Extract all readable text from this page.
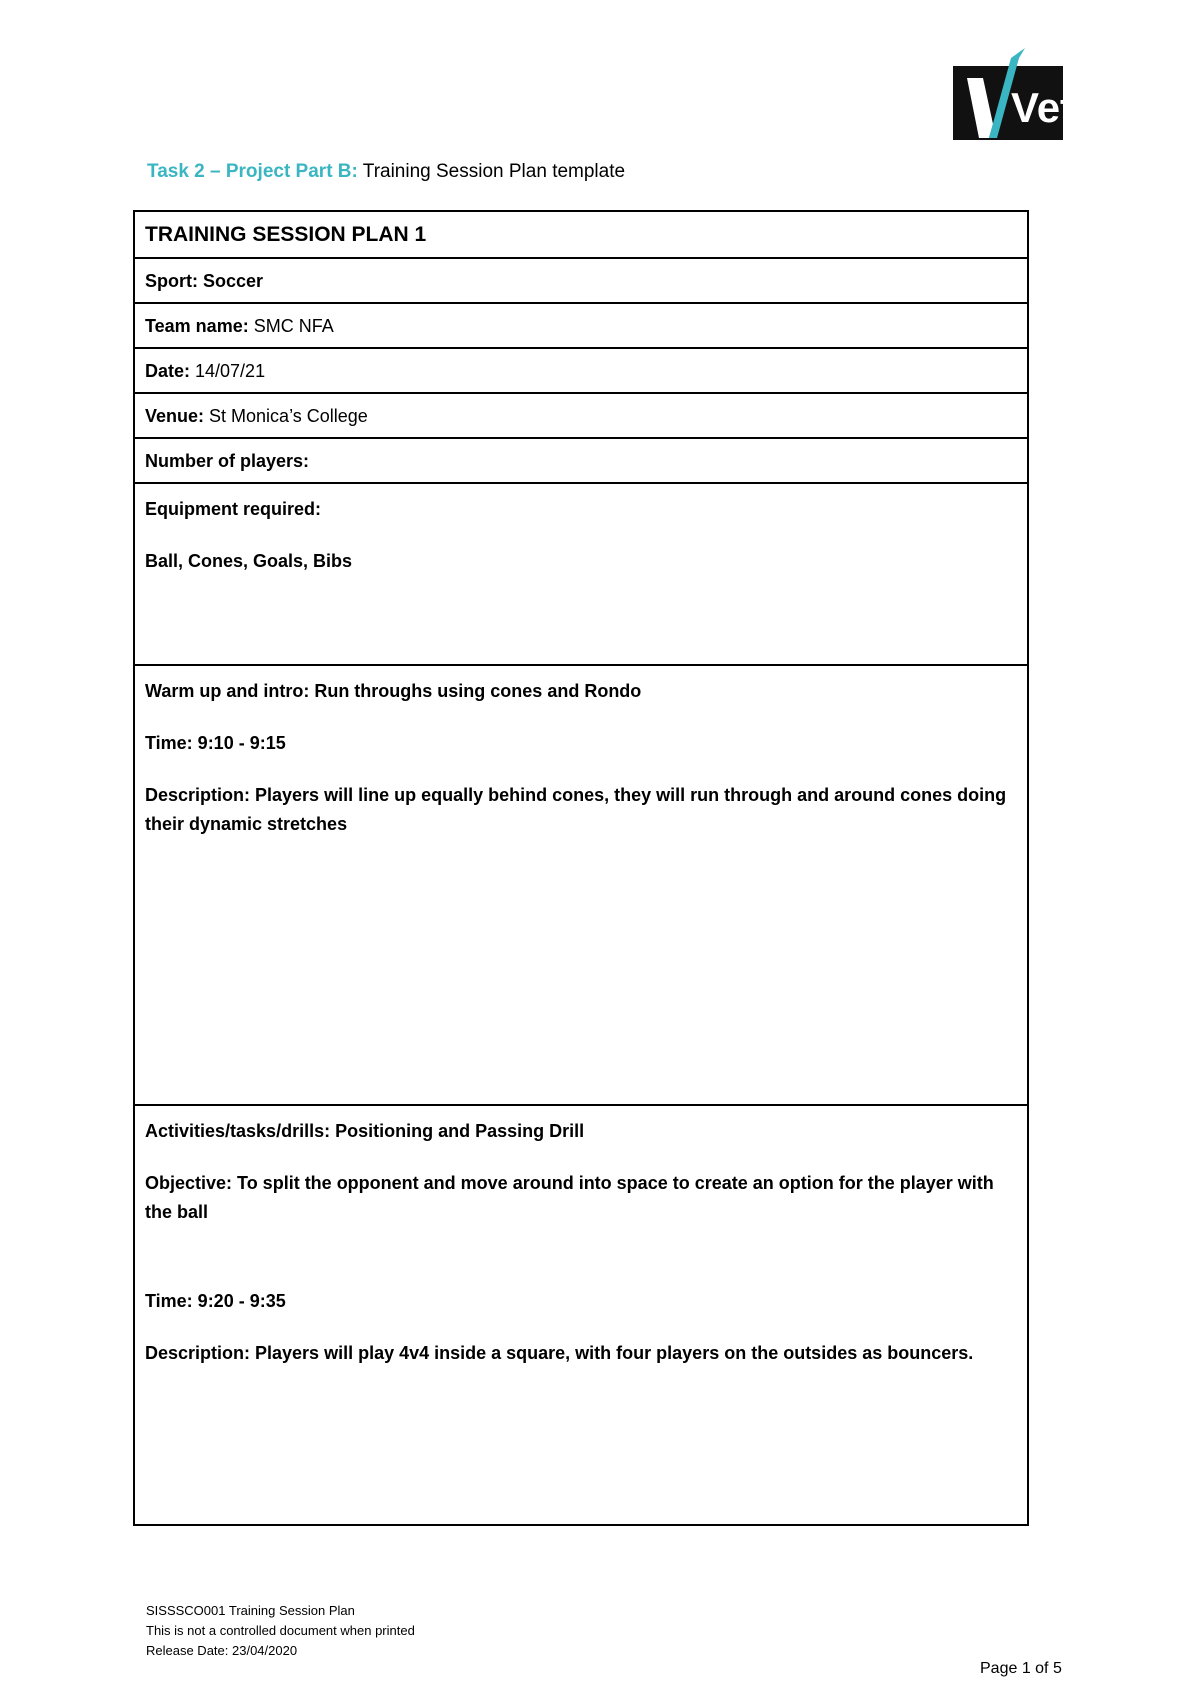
Vet
Task 2 – Project Part B: Training Session Plan template
TRAINING SESSION PLAN 1
Sport: Soccer
Team name: SMC NFA
Date: 14/07/21
Venue: St Monica’s College
Number of players:

Equipment required:

Ball, Cones, Goals, Bibs

Warm up and intro: Run throughs using cones and Rondo

Time: 9:10 - 9:15

Description: Players will line up equally behind cones, they will run through and around cones doing their dynamic stretches

Activities/tasks/drills: Positioning and Passing Drill

Objective: To split the opponent and move around into space to create an option for the player with the ball

Time: 9:20 - 9:35

Description: Players will play 4v4 inside a square, with four players on the outsides as bouncers.

SISSSCO001 Training Session Plan
This is not a controlled document when printed
Release Date: 23/04/2020
Page 1 of 5
